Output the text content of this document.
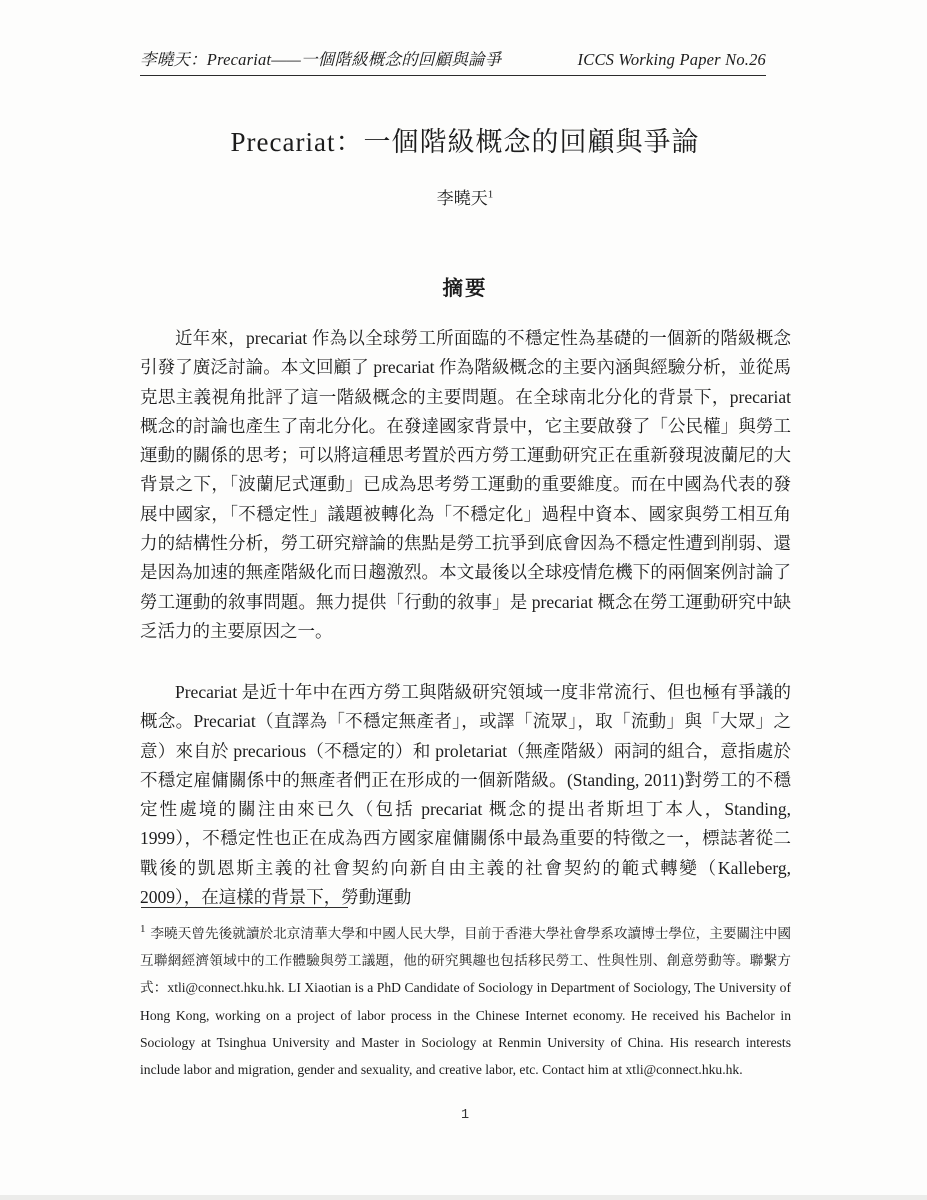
李曉天：Precariat——一個階級概念的回顧與論爭	ICCS Working Paper No.26
Precariat：一個階級概念的回顧與爭論
李曉天$^1$
摘要
近年來，precariat 作為以全球勞工所面臨的不穩定性為基礎的一個新的階級概念引發了廣泛討論。本文回顧了 precariat 作為階級概念的主要內涵與經驗分析，並從馬克思主義視角批評了這一階級概念的主要問題。在全球南北分化的背景下，precariat 概念的討論也產生了南北分化。在發達國家背景中，它主要啟發了「公民權」與勞工運動的關係的思考；可以將這種思考置於西方勞工運動研究正在重新發現波蘭尼的大背景之下，「波蘭尼式運動」已成為思考勞工運動的重要維度。而在中國為代表的發展中國家，「不穩定性」議題被轉化為「不穩定化」過程中資本、國家與勞工相互角力的結構性分析，勞工研究辯論的焦點是勞工抗爭到底會因為不穩定性遭到削弱、還是因為加速的無產階級化而日趨激烈。本文最後以全球疫情危機下的兩個案例討論了勞工運動的敘事問題。無力提供「行動的敘事」是 precariat 概念在勞工運動研究中缺乏活力的主要原因之一。
Precariat 是近十年中在西方勞工與階級研究領域一度非常流行、但也極有爭議的概念。Precariat（直譯為「不穩定無產者」，或譯「流眾」，取「流動」與「大眾」之意）來自於 precarious（不穩定的）和 proletariat（無產階級）兩詞的組合，意指處於不穩定雇傭關係中的無產者們正在形成的一個新階級。(Standing, 2011)對勞工的不穩定性處境的關注由來已久（包括 precariat 概念的提出者斯坦丁本人，Standing, 1999），不穩定性也正在成為西方國家雇傭關係中最為重要的特徵之一，標誌著從二戰後的凱恩斯主義的社會契約向新自由主義的社會契約的範式轉變（Kalleberg, 2009），在這樣的背景下，勞動運動
$^1$ 李曉天曾先後就讀於北京清華大學和中國人民大學，目前于香港大學社會學系攻讀博士學位，主要關注中國互聯網經濟領域中的工作體驗與勞工議題，他的研究興趣也包括移民勞工、性與性別、創意勞動等。聯繫方式：xtli@connect.hku.hk. LI Xiaotian is a PhD Candidate of Sociology in Department of Sociology, The University of Hong Kong, working on a project of labor process in the Chinese Internet economy. He received his Bachelor in Sociology at Tsinghua University and Master in Sociology at Renmin University of China. His research interests include labor and migration, gender and sexuality, and creative labor, etc. Contact him at xtli@connect.hku.hk.
1
